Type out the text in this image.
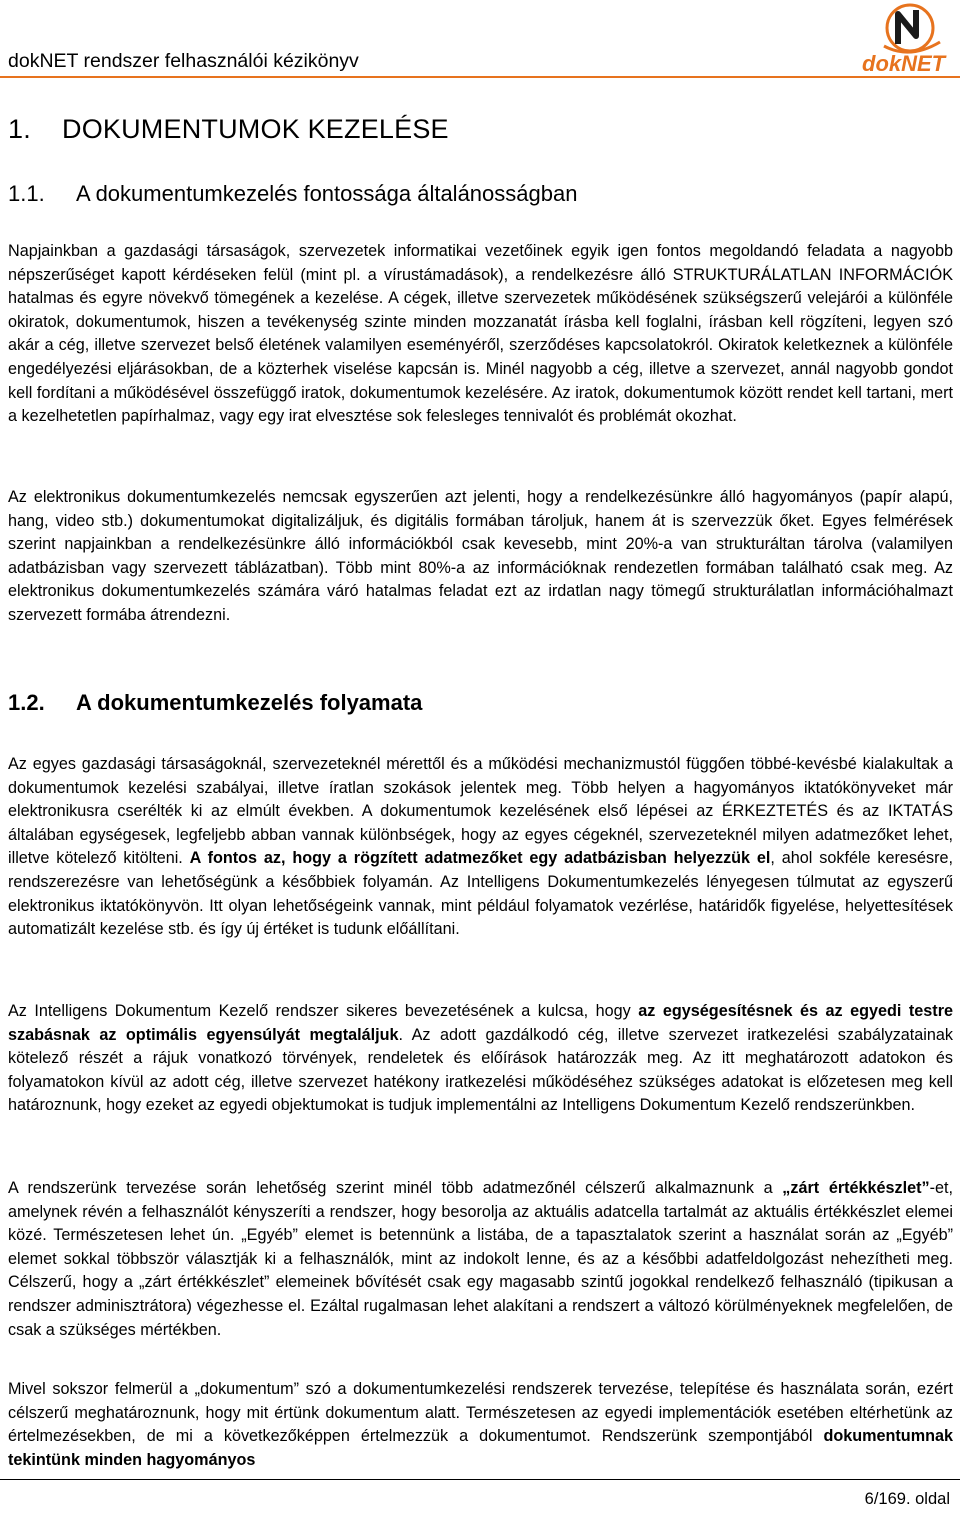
dokNET rendszer felhasználói kézikönyv	dokNET
1. DOKUMENTUMOK KEZELÉSE
1.1. A dokumentumkezelés fontossága általánosságban

Napjainkban a gazdasági társaságok, szervezetek informatikai vezetőinek egyik igen fontos megoldandó feladata a nagyobb népszerűséget kapott kérdéseken felül (mint pl. a vírustámadások), a rendelkezésre álló STRUKTURÁLATLAN INFORMÁCIÓK hatalmas és egyre növekvő tömegének a kezelése. A cégek, illetve szervezetek működésének szükségszerű velejárói a különféle okiratok, dokumentumok, hiszen a tevékenység szinte minden mozzanatát írásba kell foglalni, írásban kell rögzíteni, legyen szó akár a cég, illetve szervezet belső életének valamilyen eseményéről, szerződéses kapcsolatokról. Okiratok keletkeznek a különféle engedélyezési eljárásokban, de a közterhek viselése kapcsán is. Minél nagyobb a cég, illetve a szervezet, annál nagyobb gondot kell fordítani a működésével összefüggő iratok, dokumentumok kezelésére. Az iratok, dokumentumok között rendet kell tartani, mert a kezelhetetlen papírhalmaz, vagy egy irat elvesztése sok felesleges tennivalót és problémát okozhat.

Az elektronikus dokumentumkezelés nemcsak egyszerűen azt jelenti, hogy a rendelkezésünkre álló hagyományos (papír alapú, hang, video stb.) dokumentumokat digitalizáljuk, és digitális formában tároljuk, hanem át is szervezzük őket. Egyes felmérések szerint napjainkban a rendelkezésünkre álló információkból csak kevesebb, mint 20%-a van strukturáltan tárolva (valamilyen adatbázisban vagy szervezett táblázatban). Több mint 80%-a az információknak rendezetlen formában található csak meg. Az elektronikus dokumentumkezelés számára váró hatalmas feladat ezt az irdatlan nagy tömegű strukturálatlan információhalmazt szervezett formába átrendezni.

1.2. A dokumentumkezelés folyamata

Az egyes gazdasági társaságoknál, szervezeteknél mérettől és a működési mechanizmustól függően többé-kevésbé kialakultak a dokumentumok kezelési szabályai, illetve íratlan szokások jelentek meg. Több helyen a hagyományos iktatókönyveket már elektronikusra cserélték ki az elmúlt években. A dokumentumok kezelésének első lépései az ÉRKEZTETÉS és az IKTATÁS általában egységesek, legfeljebb abban vannak különbségek, hogy az egyes cégeknél, szervezeteknél milyen adatmezőket lehet, illetve kötelező kitölteni. A fontos az, hogy a rögzített adatmezőket egy adatbázisban helyezzük el, ahol sokféle keresésre, rendszerezésre van lehetőségünk a későbbiek folyamán. Az Intelligens Dokumentumkezelés lényegesen túlmutat az egyszerű elektronikus iktatókönyvön. Itt olyan lehetőségeink vannak, mint például folyamatok vezérlése, határidők figyelése, helyettesítések automatizált kezelése stb. és így új értéket is tudunk előállítani.

Az Intelligens Dokumentum Kezelő rendszer sikeres bevezetésének a kulcsa, hogy az egységesítésnek és az egyedi testre szabásnak az optimális egyensúlyát megtaláljuk. Az adott gazdálkodó cég, illetve szervezet iratkezelési szabályzatainak kötelező részét a rájuk vonatkozó törvények, rendeletek és előírások határozzák meg. Az itt meghatározott adatokon és folyamatokon kívül az adott cég, illetve szervezet hatékony iratkezelési működéséhez szükséges adatokat is előzetesen meg kell határoznunk, hogy ezeket az egyedi objektumokat is tudjuk implementálni az Intelligens Dokumentum Kezelő rendszerünkben.

A rendszerünk tervezése során lehetőség szerint minél több adatmezőnél célszerű alkalmaznunk a „zárt értékkészlet”-et, amelynek révén a felhasználót kényszeríti a rendszer, hogy besorolja az aktuális adatcella tartalmát az aktuális értékkészlet elemei közé. Természetesen lehet ún. „Egyéb” elemet is betennünk a listába, de a tapasztalatok szerint a használat során az „Egyéb” elemet sokkal többször választják ki a felhasználók, mint az indokolt lenne, és az a későbbi adatfeldolgozást nehezítheti meg. Célszerű, hogy a „zárt értékkészlet” elemeinek bővítését csak egy magasabb szintű jogokkal rendelkező felhasználó (tipikusan a rendszer adminisztrátora) végezhesse el. Ezáltal rugalmasan lehet alakítani a rendszert a változó körülményeknek megfelelően, de csak a szükséges mértékben.

Mivel sokszor felmerül a „dokumentum” szó a dokumentumkezelési rendszerek tervezése, telepítése és használata során, ezért célszerű meghatároznunk, hogy mit értünk dokumentum alatt. Természetesen az egyedi implementációk esetében eltérhetünk az értelmezésekben, de mi a következőképpen értelmezzük a dokumentumot. Rendszerünk szempontjából dokumentumnak tekintünk minden hagyományos

6/169. oldal
